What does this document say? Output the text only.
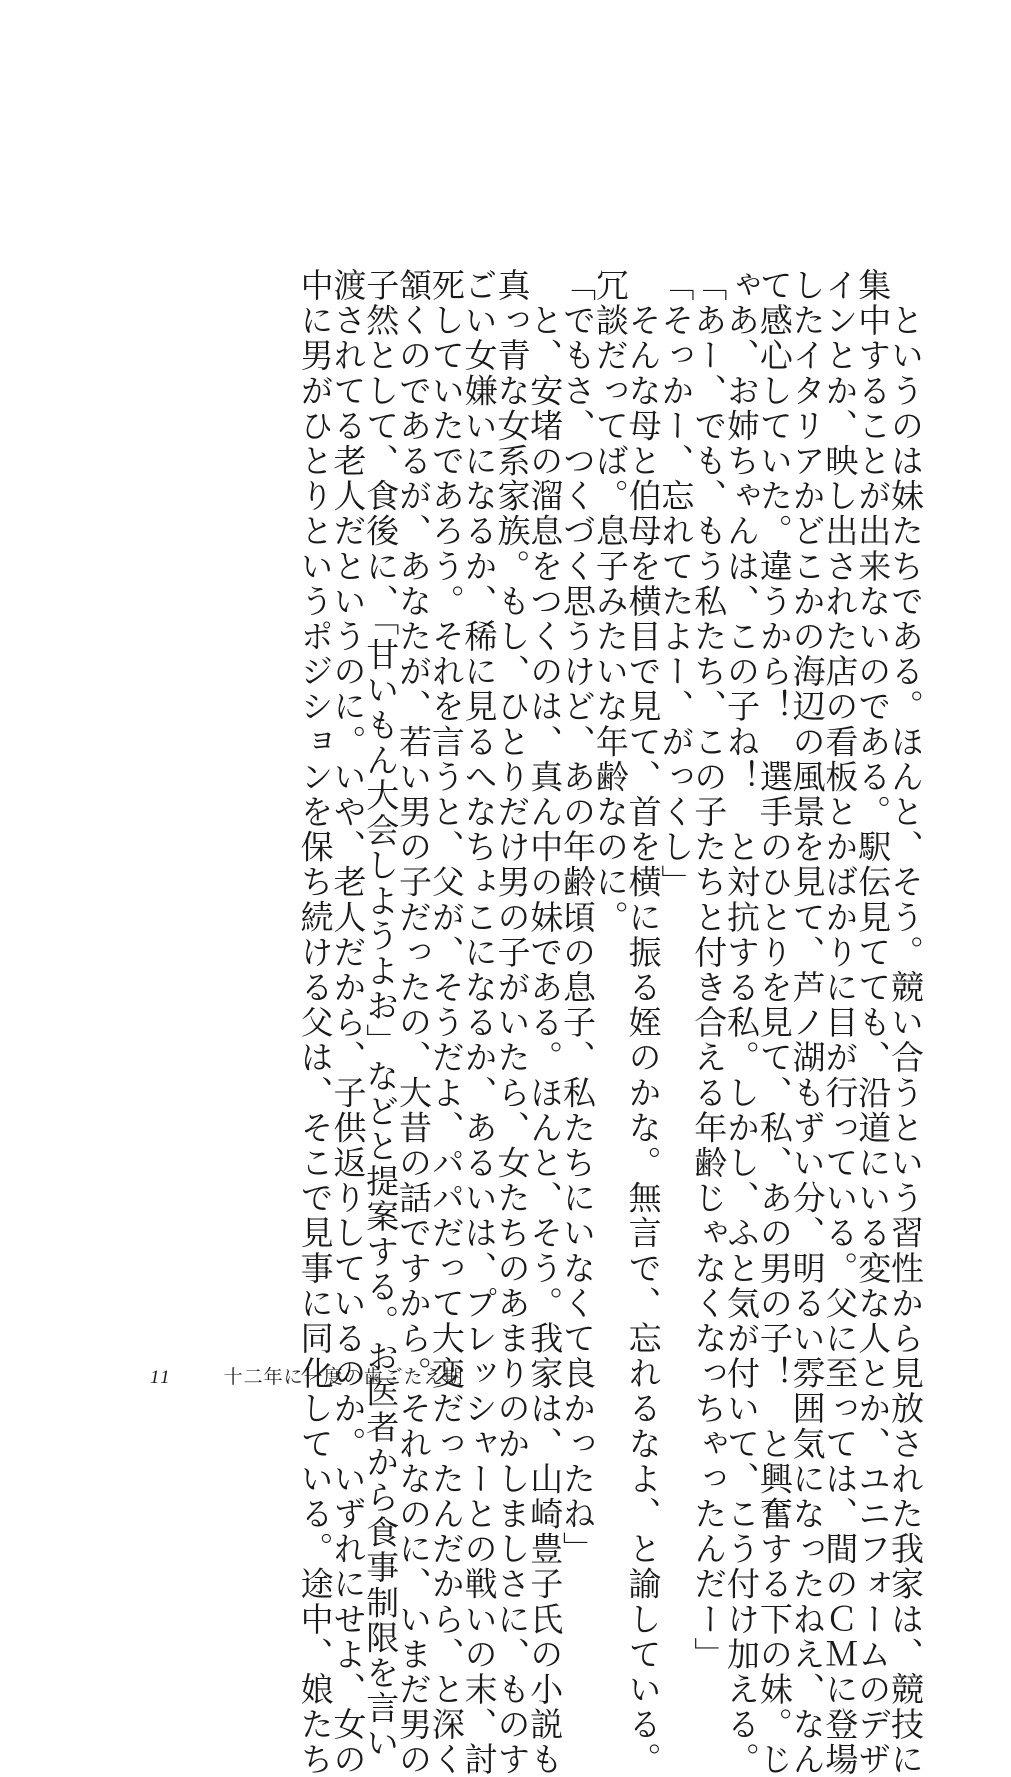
　というのは妹たちである。ほんと、そう。競い合うという習性から見放された我家は、競技に
集中することが出来ないのである。駅伝見てても、沿道にいる変な人とか、ユニフォームのデザ
インとか、映し出された店の看板とかばかりに目が行っている。父に至っては、間のＣＭに登場
したイタリアかどこかの海辺の風景を見て、芦ノ湖もずい分、明るい雰囲気になったねえ、なん
て感心していた。違うから！　選手のひとりを見て、私、あの男の子！　と興奮する下の妹。じ
ゃあ、お姉ちゃんは、この子ね！　と対抗する私。しかし、ふと気が付いて、こう付け加える。
「あー、でも、もう私たち、この子たちと付き合える年齢じゃなくなっちゃったんだー」
「そっかー、忘れてたよー、がっくし」
　そんな母と伯母を横目で見て、首を横に振る姪のかな。無言で、忘れるなよ、と諭している。
冗談だってば。息子みたいな年齢なのに。
「でもさ、つくづく思うけど、あの年齢頃の息子、私たちにいなくて良かったね」
　と、安堵の溜息をつくのは、真ん中の妹である。ほんと、そう。我家は、山崎豊子氏の小説も
真っ青な女系家族。もし、ひとりだけ男の子がいたら、女たちのあまりのかしましさに、ものす
ごい女嫌いになるか、稀に見るへなちょこになるか、あるいは、プレッシャーとの戦いの末、討
死していたであろう。それを言うと、父が、そうだよ、パパだって大変だったんだから、と深く
頷くのであるが、あなたが、若い男の子だったの、大昔の話ですから。それなのに、いまだ男の
子然として、食後に、「甘いもん大会しようよお」などと提案する。お医者から食事制限を言い
渡されてる老人だというのに。いや、老人だから、子供返りしているのか。いずれにせよ、女の
中に男がひとりというポジションを保ち続ける父は、そこで見事に同化している。途中、娘たち
11	十二年に一度の歯ごたえ期
